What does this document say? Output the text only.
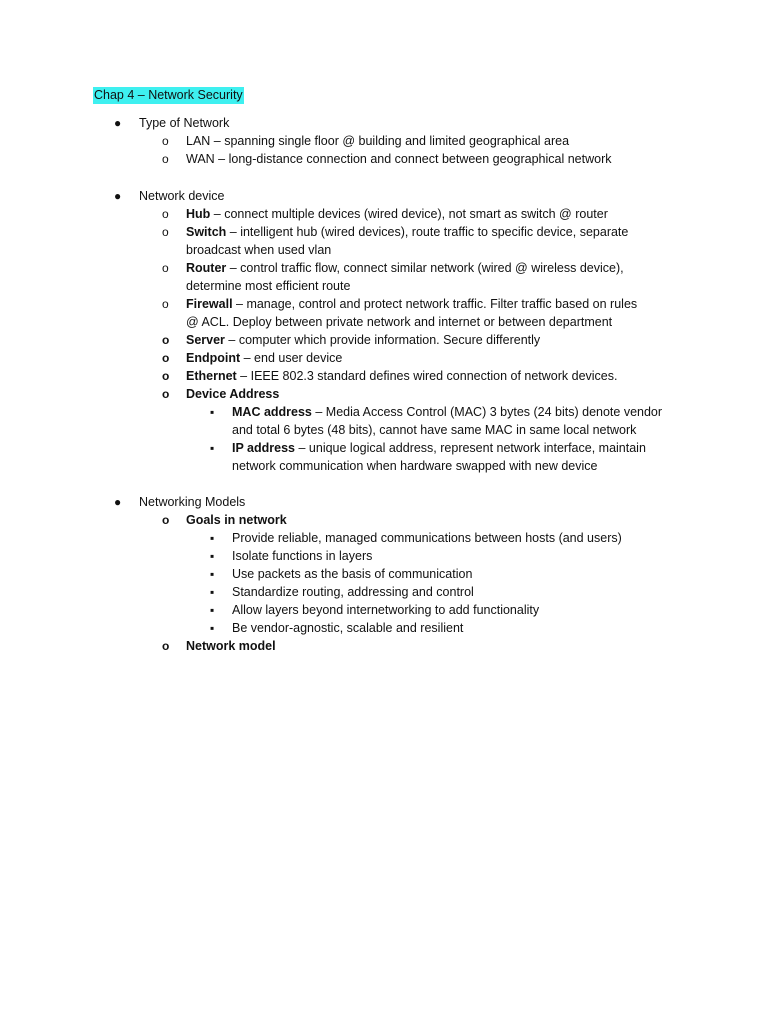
Chap 4 – Network Security
● Type of Network
o LAN – spanning single floor @ building and limited geographical area
o WAN – long-distance connection and connect between geographical network
● Network device
o Hub – connect multiple devices (wired device), not smart as switch @ router
o Switch – intelligent hub (wired devices), route traffic to specific device, separate
broadcast when used vlan
o Router – control traffic flow, connect similar network (wired @ wireless device),
determine most efficient route
o Firewall – manage, control and protect network traffic. Filter traffic based on rules
@ ACL. Deploy between private network and internet or between department
o Server – computer which provide information. Secure differently
o Endpoint – end user device
o Ethernet – IEEE 802.3 standard defines wired connection of network devices.
o Device Address
▪ MAC address – Media Access Control (MAC) 3 bytes (24 bits) denote vendor
and total 6 bytes (48 bits), cannot have same MAC in same local network
▪ IP address – unique logical address, represent network interface, maintain
network communication when hardware swapped with new device
● Networking Models
o Goals in network
▪ Provide reliable, managed communications between hosts (and users)
▪ Isolate functions in layers
▪ Use packets as the basis of communication
▪ Standardize routing, addressing and control
▪ Allow layers beyond internetworking to add functionality
▪ Be vendor-agnostic, scalable and resilient
o Network model
